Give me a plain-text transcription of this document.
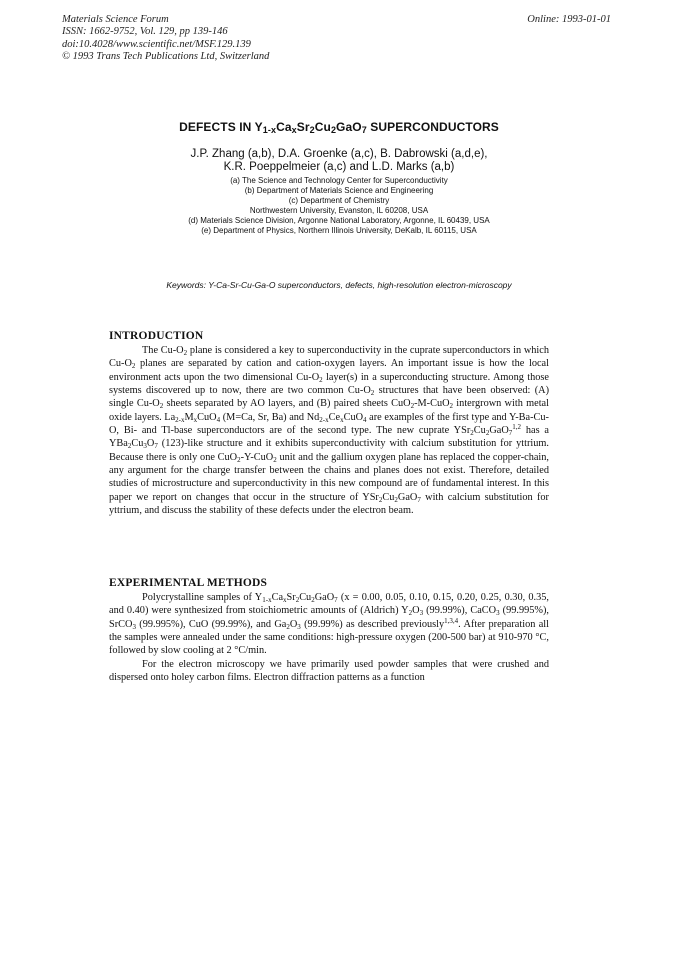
Materials Science Forum
ISSN: 1662-9752, Vol. 129, pp 139-146
doi:10.4028/www.scientific.net/MSF.129.139
© 1993 Trans Tech Publications Ltd, Switzerland
Online: 1993-01-01
DEFECTS IN $Y_{1-x}Ca_xSr_2Cu_2GaO_7$ SUPERCONDUCTORS
J.P. Zhang (a,b), D.A. Groenke (a,c), B. Dabrowski (a,d,e),
K.R. Poeppelmeier (a,c) and L.D. Marks (a,b)
(a) The Science and Technology Center for Superconductivity
(b) Department of Materials Science and Engineering
(c) Department of Chemistry
Northwestern University, Evanston, IL 60208, USA
(d) Materials Science Division, Argonne National Laboratory, Argonne, IL 60439, USA
(e) Department of Physics, Northern Illinois University, DeKalb, IL 60115, USA
Keywords: Y-Ca-Sr-Cu-Ga-O superconductors, defects, high-resolution electron-microscopy
INTRODUCTION

The $Cu-O_2$ plane is considered a key to superconductivity in the cuprate superconductors in which $Cu-O_2$ planes are separated by cation and cation-oxygen layers. An important issue is how the local environment acts upon the two dimensional $Cu-O_2$ layer(s) in a superconducting structure. Among those systems discovered up to now, there are two common $Cu-O_2$ structures that have been observed: (A) single $Cu-O_2$ sheets separated by AO layers, and (B) paired sheets CuO$_2$-M-CuO$_2$ intergrown with metal oxide layers. $La_{2-x}M_xCuO_4$ (M=Ca, Sr, Ba) and $Nd_{2-x}Ce_xCuO_4$ are examples of the first type and Y-Ba-Cu-O, Bi- and Tl-base superconductors are of the second type. The new cuprate $YSr_2Cu_2GaO_7^{1,2}$ has a $YBa_2Cu_3O_7$ (123)-like structure and it exhibits superconductivity with calcium substitution for yttrium. Because there is only one CuO$_2$-Y-CuO$_2$ unit and the gallium oxygen plane has replaced the copper-chain, any argument for the charge transfer between the chains and planes does not exist. Therefore, detailed studies of microstructure and superconductivity in this new compound are of fundamental interest. In this paper we report on changes that occur in the structure of $YSr_2Cu_2GaO_7$ with calcium substitution for yttrium, and discuss the stability of these defects under the electron beam.

EXPERIMENTAL METHODS

Polycrystalline samples of $Y_{1-x}Ca_xSr_2Cu_2GaO_7$ (x = 0.00, 0.05, 0.10, 0.15, 0.20, 0.25, 0.30, 0.35, and 0.40) were synthesized from stoichiometric amounts of (Aldrich) $Y_2O_3$ (99.99%), CaCO$_3$ (99.995%), SrCO$_3$ (99.995%), CuO (99.99%), and $Ga_2O_3$ (99.99%) as described previously$^{1,3,4}$. After preparation all the samples were annealed under the same conditions: high-pressure oxygen (200-500 bar) at 910-970 °C, followed by slow cooling at 2 °C/min.

For the electron microscopy we have primarily used powder samples that were crushed and dispersed onto holey carbon films. Electron diffraction patterns as a function
